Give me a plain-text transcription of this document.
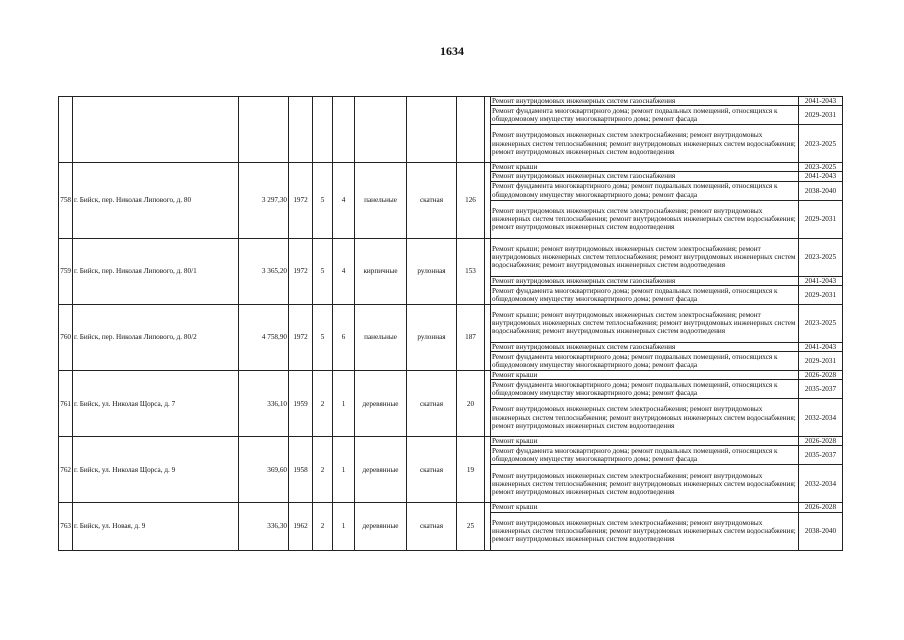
1634
										Ремонт внутридомовых инженерных систем газоснабжения	2041-2043
										Ремонт фундамента многоквартирного дома; ремонт подвальных помещений, относящихся к общедомовому имуществу многоквартирного дома; ремонт фасада	2029-2031
										Ремонт внутридомовых инженерных систем электроснабжения; ремонт внутридомовых инженерных систем теплоснабжения; ремонт внутридомовых инженерных систем водоснабжения; ремонт внутридомовых инженерных систем водоотведения	2023-2025
758	г. Бийск, пер. Николая Липового, д. 80	3 297,30	1972	5	4	панельные	скатная	126		Ремонт крыши	2023-2025
										Ремонт внутридомовых инженерных систем газоснабжения	2041-2043
										Ремонт фундамента многоквартирного дома; ремонт подвальных помещений, относящихся к общедомовому имуществу многоквартирного дома; ремонт фасада	2038-2040
										Ремонт внутридомовых инженерных систем электроснабжения; ремонт внутридомовых инженерных систем теплоснабжения; ремонт внутридомовых инженерных систем водоснабжения; ремонт внутридомовых инженерных систем водоотведения	2029-2031
759	г. Бийск, пер. Николая Липового, д. 80/1	3 365,20	1972	5	4	кирпичные	рулонная	153		Ремонт крыши; ремонт внутридомовых инженерных систем электроснабжения; ремонт внутридомовых инженерных систем теплоснабжения; ремонт внутридомовых инженерных систем водоснабжения; ремонт внутридомовых инженерных систем водоотведения	2023-2025
										Ремонт внутридомовых инженерных систем газоснабжения	2041-2043
										Ремонт фундамента многоквартирного дома; ремонт подвальных помещений, относящихся к общедомовому имуществу многоквартирного дома; ремонт фасада	2029-2031
760	г. Бийск, пер. Николая Липового, д. 80/2	4 758,90	1972	5	6	панельные	рулонная	187		Ремонт крыши; ремонт внутридомовых инженерных систем электроснабжения; ремонт внутридомовых инженерных систем теплоснабжения; ремонт внутридомовых инженерных систем водоснабжения; ремонт внутридомовых инженерных систем водоотведения	2023-2025
										Ремонт внутридомовых инженерных систем газоснабжения	2041-2043
										Ремонт фундамента многоквартирного дома; ремонт подвальных помещений, относящихся к общедомовому имуществу многоквартирного дома; ремонт фасада	2029-2031
761	г. Бийск, ул. Николая Щорса, д. 7	336,10	1959	2	1	деревянные	скатная	20		Ремонт крыши	2026-2028
										Ремонт фундамента многоквартирного дома; ремонт подвальных помещений, относящихся к общедомовому имуществу многоквартирного дома; ремонт фасада	2035-2037
										Ремонт внутридомовых инженерных систем электроснабжения; ремонт внутридомовых инженерных систем теплоснабжения; ремонт внутридомовых инженерных систем водоснабжения; ремонт внутридомовых инженерных систем водоотведения	2032-2034
762	г. Бийск, ул. Николая Щорса, д. 9	369,60	1958	2	1	деревянные	скатная	19		Ремонт крыши	2026-2028
										Ремонт фундамента многоквартирного дома; ремонт подвальных помещений, относящихся к общедомовому имуществу многоквартирного дома; ремонт фасада	2035-2037
										Ремонт внутридомовых инженерных систем электроснабжения; ремонт внутридомовых инженерных систем теплоснабжения; ремонт внутридомовых инженерных систем водоснабжения; ремонт внутридомовых инженерных систем водоотведения	2032-2034
763	г. Бийск, ул. Новая, д. 9	336,30	1962	2	1	деревянные	скатная	25		Ремонт крыши	2026-2028
										Ремонт внутридомовых инженерных систем электроснабжения; ремонт внутридомовых инженерных систем теплоснабжения; ремонт внутридомовых инженерных систем водоснабжения; ремонт внутридомовых инженерных систем водоотведения	2038-2040
